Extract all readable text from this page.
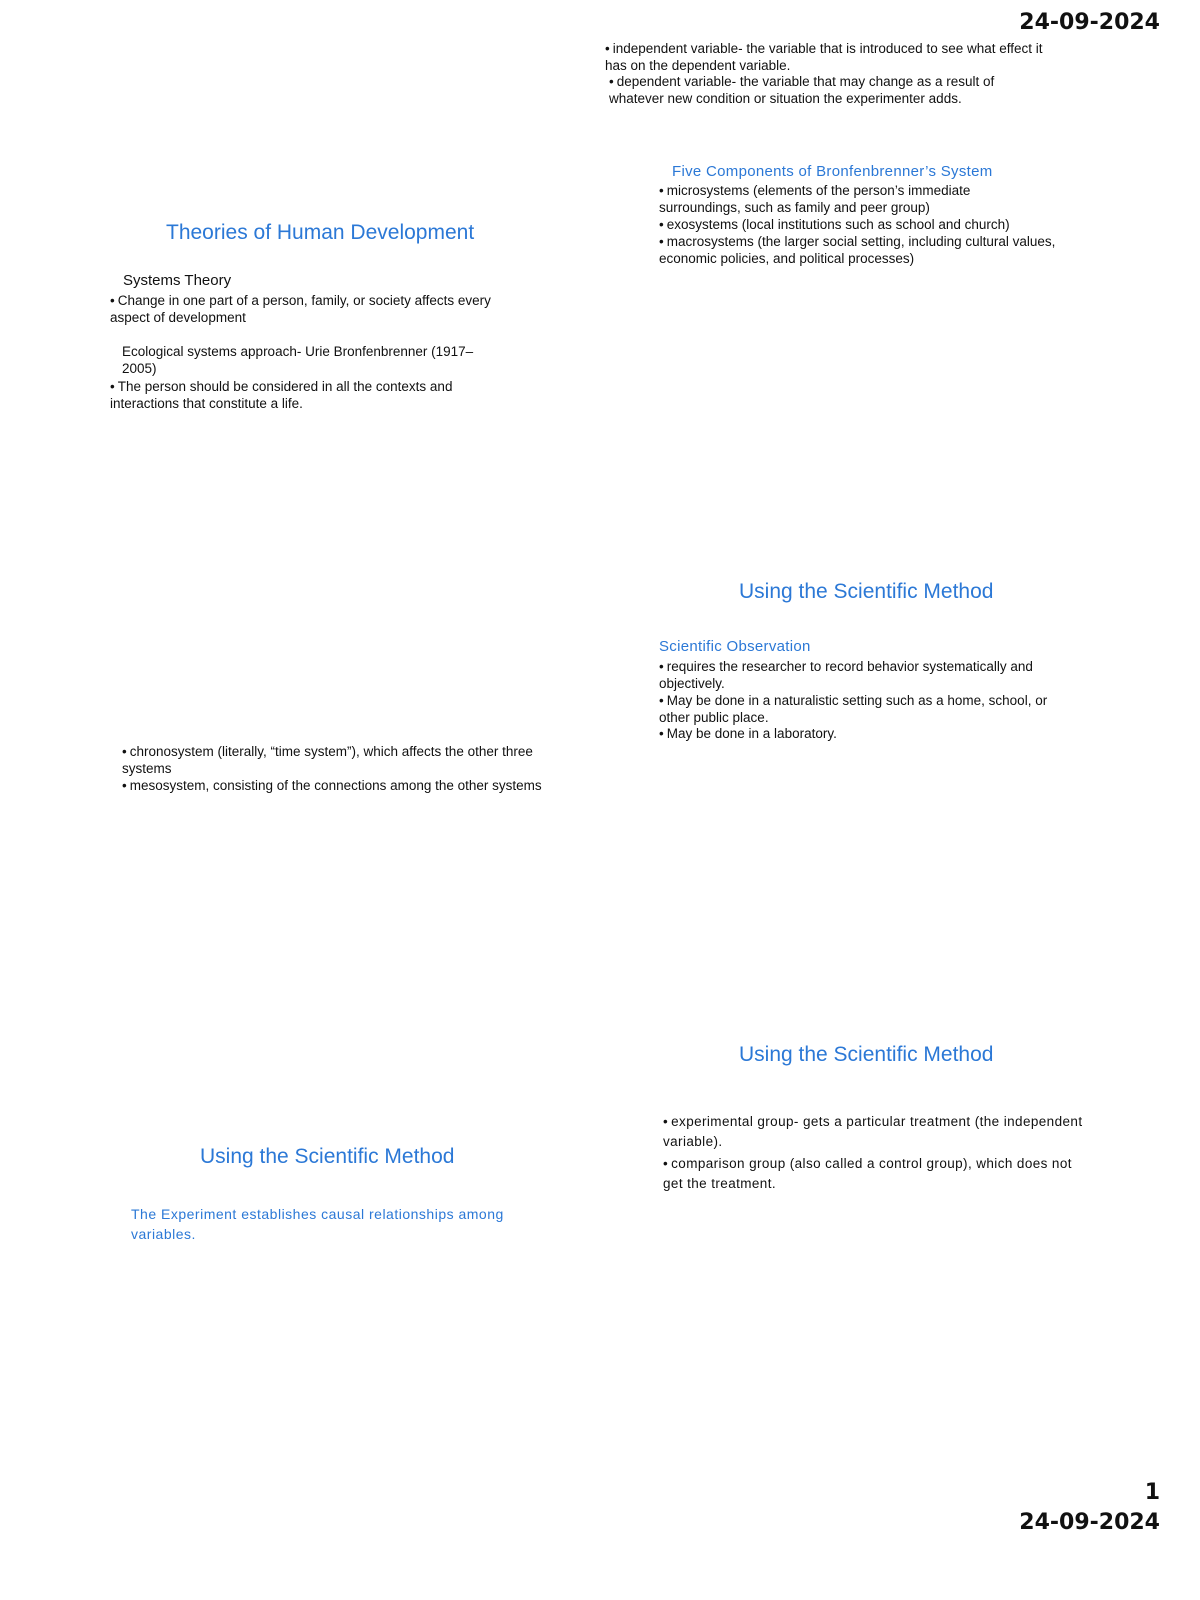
24-09-2024
1
24-09-2024
• independent variable- the variable that is introduced to see what effect it has on the dependent variable.
• dependent variable- the variable that may change as a result of whatever new condition or situation the experimenter adds.
Five Components of Bronfenbrenner’s System
• microsystems (elements of the person’s immediate surroundings, such as family and peer group)
• exosystems (local institutions such as school and church)
• macrosystems (the larger social setting, including cultural values, economic policies, and political processes)
Theories of Human Development
Systems Theory
• Change in one part of a person, family, or society affects every aspect of development
Ecological systems approach- Urie Bronfenbrenner (1917– 2005)
• The person should be considered in all the contexts and interactions that constitute a life.
Using the Scientific Method
Scientific Observation
• requires the researcher to record behavior systematically and objectively.
• May be done in a naturalistic setting such as a home, school, or other public place.
• May be done in a laboratory.
• chronosystem (literally, “time system”), which affects the other three systems
• mesosystem, consisting of the connections among the other systems
Using the Scientific Method
• experimental group- gets a particular treatment (the independent variable).
• comparison group (also called a control group), which does not get the treatment.
Using the Scientific Method
The Experiment establishes causal relationships among variables.
